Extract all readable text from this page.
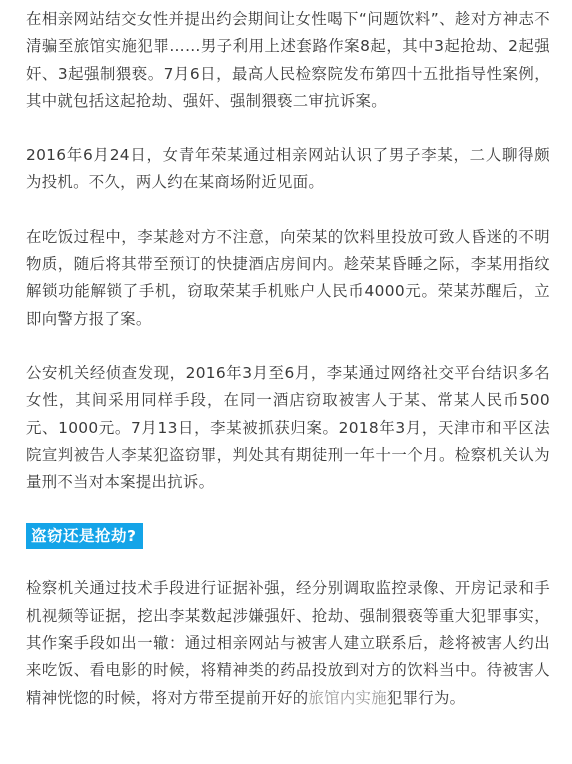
在相亲网站结交女性并提出约会期间让女性喝下“问题饮料”、趁对方神志不清骗至旅馆实施犯罪……男子利用上述套路作案8起，其中3起抢劫、2起强奸、3起强制猥亵。7月6日，最高人民检察院发布第四十五批指导性案例，其中就包括这起抢劫、强奸、强制猥亵二审抗诉案。

2016年6月24日，女青年荣某通过相亲网站认识了男子李某，二人聊得颇为投机。不久，两人约在某商场附近见面。

在吃饭过程中，李某趁对方不注意，向荣某的饮料里投放可致人昏迷的不明物质，随后将其带至预订的快捷酒店房间内。趁荣某昏睡之际，李某用指纹解锁功能解锁了手机，窃取荣某手机账户人民币4000元。荣某苏醒后，立即向警方报了案。

公安机关经侦查发现，2016年3月至6月，李某通过网络社交平台结识多名女性，其间采用同样手段，在同一酒店窃取被害人于某、常某人民币500元、1000元。7月13日，李某被抓获归案。2018年3月，天津市和平区法院宣判被告人李某犯盗窃罪，判处其有期徒刑一年十一个月。检察机关认为量刑不当对本案提出抗诉。

盗窃还是抢劫?

检察机关通过技术手段进行证据补强，经分别调取监控录像、开房记录和手机视频等证据，挖出李某数起涉嫌强奸、抢劫、强制猥亵等重大犯罪事实，其作案手段如出一辙：通过相亲网站与被害人建立联系后，趁将被害人约出来吃饭、看电影的时候，将精神类的药品投放到对方的饮料当中。待被害人精神恍惚的时候，将对方带至提前开好的旅馆内实施犯罪行为。
